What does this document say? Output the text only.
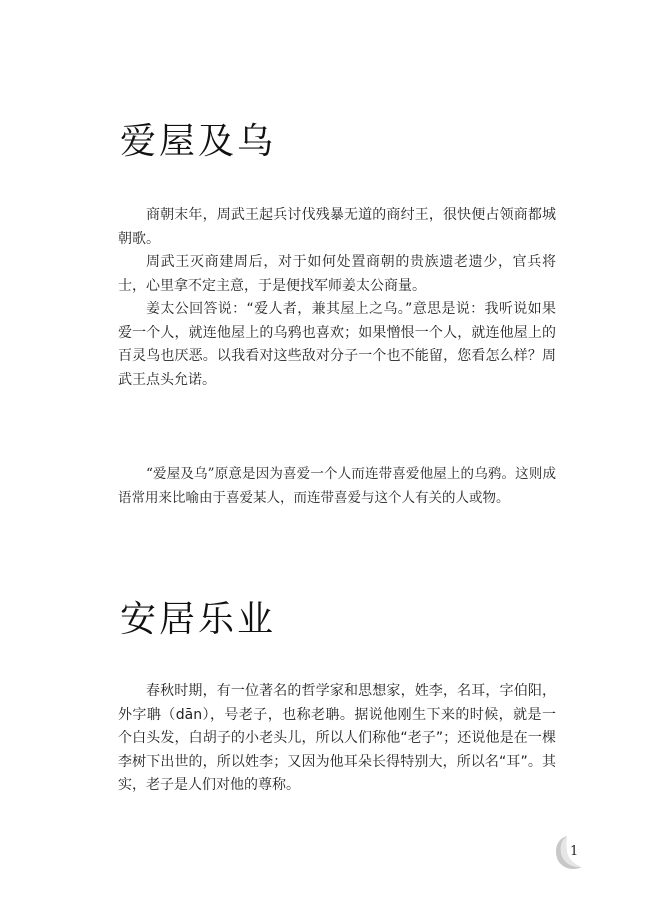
爱屋及乌

商朝末年，周武王起兵讨伐残暴无道的商纣王，很快便占领商都城朝歌。

周武王灭商建周后，对于如何处置商朝的贵族遗老遗少，官兵将士，心里拿不定主意，于是便找军师姜太公商量。

姜太公回答说：“爱人者，兼其屋上之乌。”意思是说：我听说如果爱一个人，就连他屋上的乌鸦也喜欢；如果憎恨一个人，就连他屋上的百灵鸟也厌恶。以我看对这些敌对分子一个也不能留，您看怎么样？周武王点头允诺。

“爱屋及乌”原意是因为喜爱一个人而连带喜爱他屋上的乌鸦。这则成语常用来比喻由于喜爱某人，而连带喜爱与这个人有关的人或物。

安居乐业

春秋时期，有一位著名的哲学家和思想家，姓李，名耳，字伯阳，外字聃（dān），号老子，也称老聃。据说他刚生下来的时候，就是一个白头发，白胡子的小老头儿，所以人们称他“老子”；还说他是在一棵李树下出世的，所以姓李；又因为他耳朵长得特别大，所以名“耳”。其实，老子是人们对他的尊称。

1
